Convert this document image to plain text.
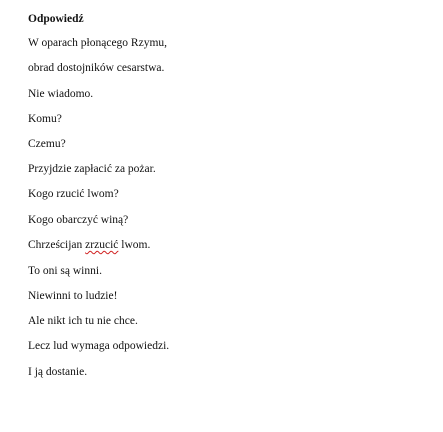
Odpowiedź
W oparach płonącego Rzymu,
obrad dostojników cesarstwa.
Nie wiadomo.
Komu?
Czemu?
Przyjdzie zapłacić za pożar.
Kogo rzucić lwom?
Kogo obarczyć winą?
Chrześcijan zrzucić lwom.
To oni są winni.
Niewinni to ludzie!
Ale nikt ich tu nie chce.
Lecz lud wymaga odpowiedzi.
I ją dostanie.
